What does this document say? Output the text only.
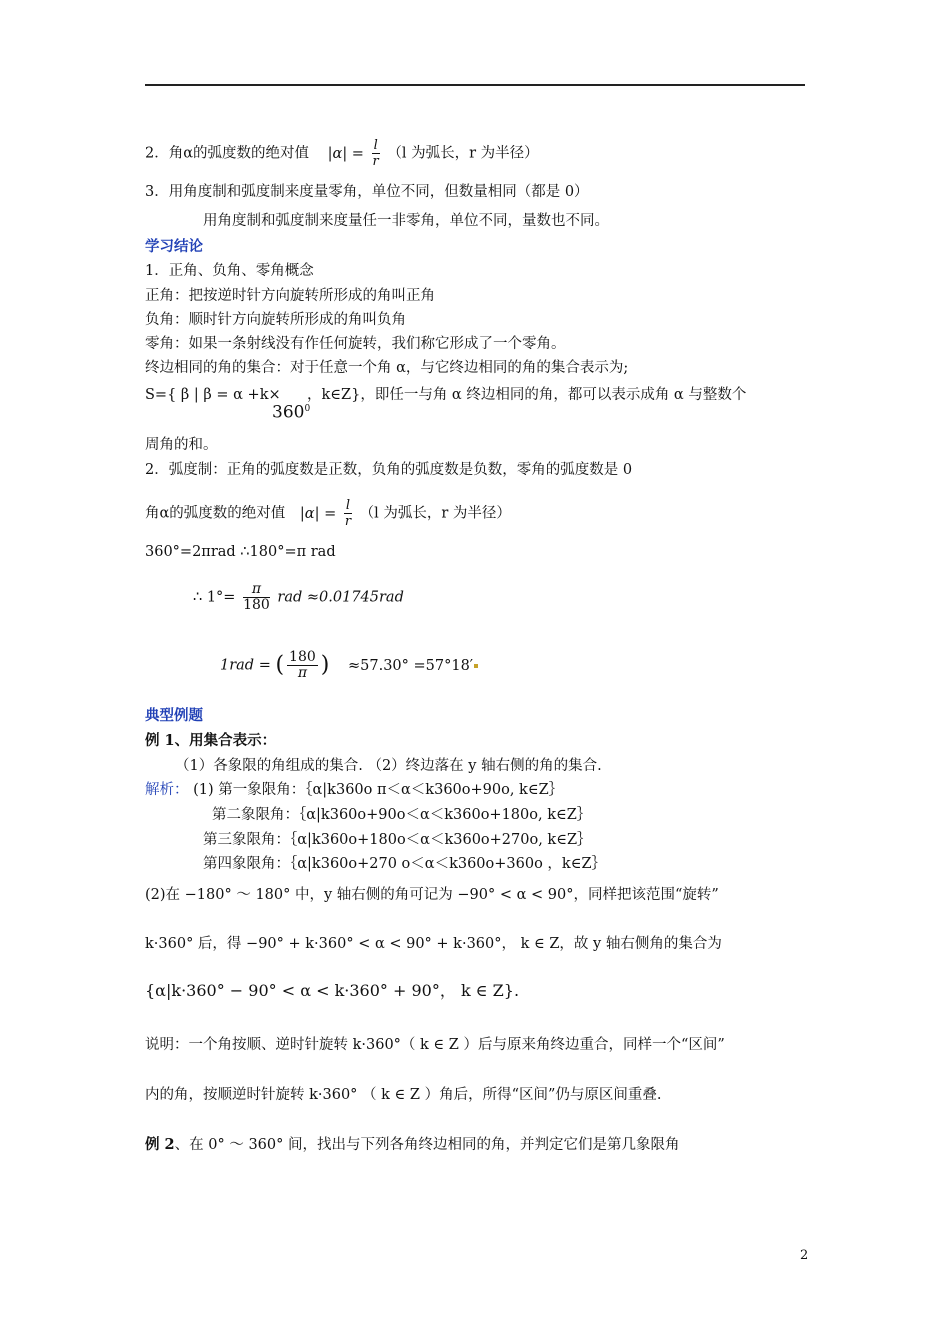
2．角α的弧度数的绝对值 $|\alpha| = \frac{l}{r} (l$ 为弧长，r 为半径）
3．用角度制和弧度制来度量零角，单位不同，但数量相同（都是 0）
用角度制和弧度制来度量任一非零角，单位不同，量数也不同。
学习结论
1．正角、负角、零角概念
正角：把按逆时针方向旋转所形成的角叫正角
负角：顺时针方向旋转所形成的角叫负角
零角：如果一条射线没有作任何旋转，我们称它形成了一个零角。
终边相同的角的集合：对于任意一个角 α，与它终边相同的角的集合表示为;
S={ β | β = α +k×
$360^0$
，k∈Z}，即任一与角 α 终边相同的角，都可以表示成角 α 与整数个
周角的和。
2．弧度制：正角的弧度数是正数，负角的弧度数是负数，零角的弧度数是 0
角α的弧度数的绝对值 $|\alpha| = \frac{l}{r} (l$ 为弧长，r 为半径）
360°=2πrad ∴180°=π rad
∴ $1^\circ= \frac{\pi}{180}$ rad ≈0.01745rad
1rad = ( $\frac{180}{\pi}$ ) ≈57.30° =57°18′
典型例题
例 1、用集合表示：
（1）各象限的角组成的集合. （2）终边落在 y 轴右侧的角的集合.
解析： (1) 第一象限角：｛α|k360o π＜α＜k360o+90o, k∈Z｝
第二象限角：｛α|k360o+90o＜α＜k360o+180o, k∈Z｝
第三象限角：｛α|k360o+180o＜α＜k360o+270o, k∈Z｝
第四象限角：｛α|k360o+270 o＜α＜k360o+360o ，k∈Z｝
(2)在 −180° ～ 180° 中，y 轴右侧的角可记为 −90° < α < 90°，同样把该范围“旋转”
k·360° 后，得 −90° + k·360° < α < 90° + k·360°， k ∈ Z，故 y 轴右侧角的集合为
{α|k·360° − 90° < α < k·360° + 90°， k ∈ Z}.
说明：一个角按顺、逆时针旋转 k·360°（ k ∈ Z ）后与原来角终边重合，同样一个“区间”
内的角，按顺逆时针旋转 k·360° （ k ∈ Z ）角后，所得“区间”仍与原区间重叠.
例 2、在 0° ～ 360° 间，找出与下列各角终边相同的角，并判定它们是第几象限角
2
